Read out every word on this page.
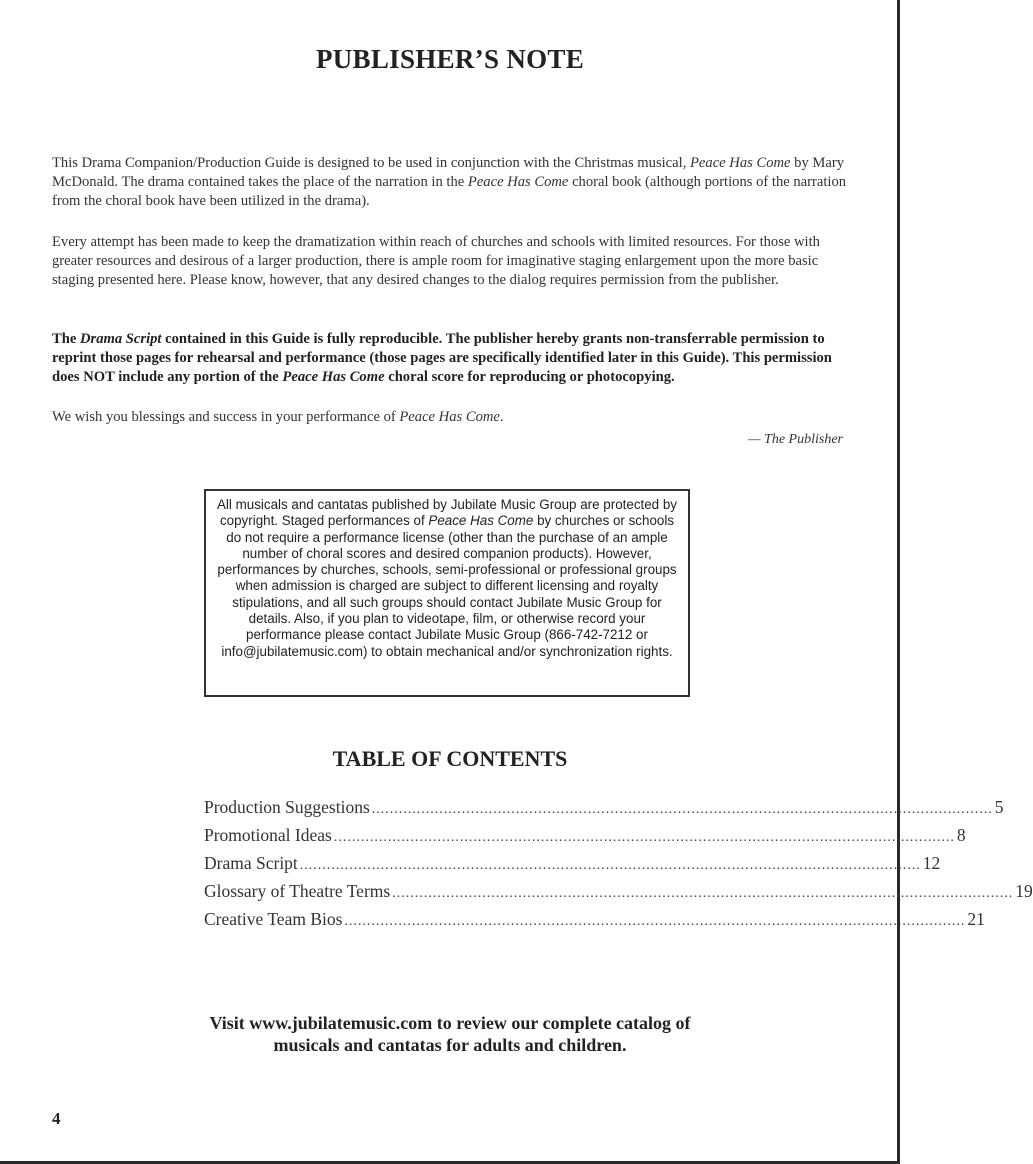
PUBLISHER’S NOTE

This Drama Companion/Production Guide is designed to be used in conjunction with the Christmas musical, Peace Has Come by Mary McDonald. The drama contained takes the place of the narration in the Peace Has Come choral book (although portions of the narration from the choral book have been utilized in the drama).

Every attempt has been made to keep the dramatization within reach of churches and schools with limited resources. For those with greater resources and desirous of a larger production, there is ample room for imaginative staging enlargement upon the more basic staging presented here. Please know, however, that any desired changes to the dialog requires permission from the publisher.

The Drama Script contained in this Guide is fully reproducible. The publisher hereby grants non-transferrable permission to reprint those pages for rehearsal and performance (those pages are specifically identified later in this Guide). This permission does NOT include any portion of the Peace Has Come choral score for reproducing or photocopying.

We wish you blessings and success in your performance of Peace Has Come.

— The Publisher

All musicals and cantatas published by Jubilate Music Group are protected by copyright. Staged performances of Peace Has Come by churches or schools do not require a performance license (other than the purchase of an ample number of choral scores and desired companion products). However, performances by churches, schools, semi-professional or professional groups when admission is charged are subject to different licensing and royalty stipulations, and all such groups should contact Jubilate Music Group for details. Also, if you plan to videotape, film, or otherwise record your performance please contact Jubilate Music Group (866-742-7212 or info@jubilatemusic.com) to obtain mechanical and/or synchronization rights.
TABLE OF CONTENTS
Production Suggestions .......................................................................................................................................... 5
Promotional Ideas .......................................................................................................................................... 8
Drama Script .......................................................................................................................................... 12
Glossary of Theatre Terms .......................................................................................................................................... 19
Creative Team Bios .......................................................................................................................................... 21

Visit www.jubilatemusic.com to review our complete catalog of
musicals and cantatas for adults and children.

4
